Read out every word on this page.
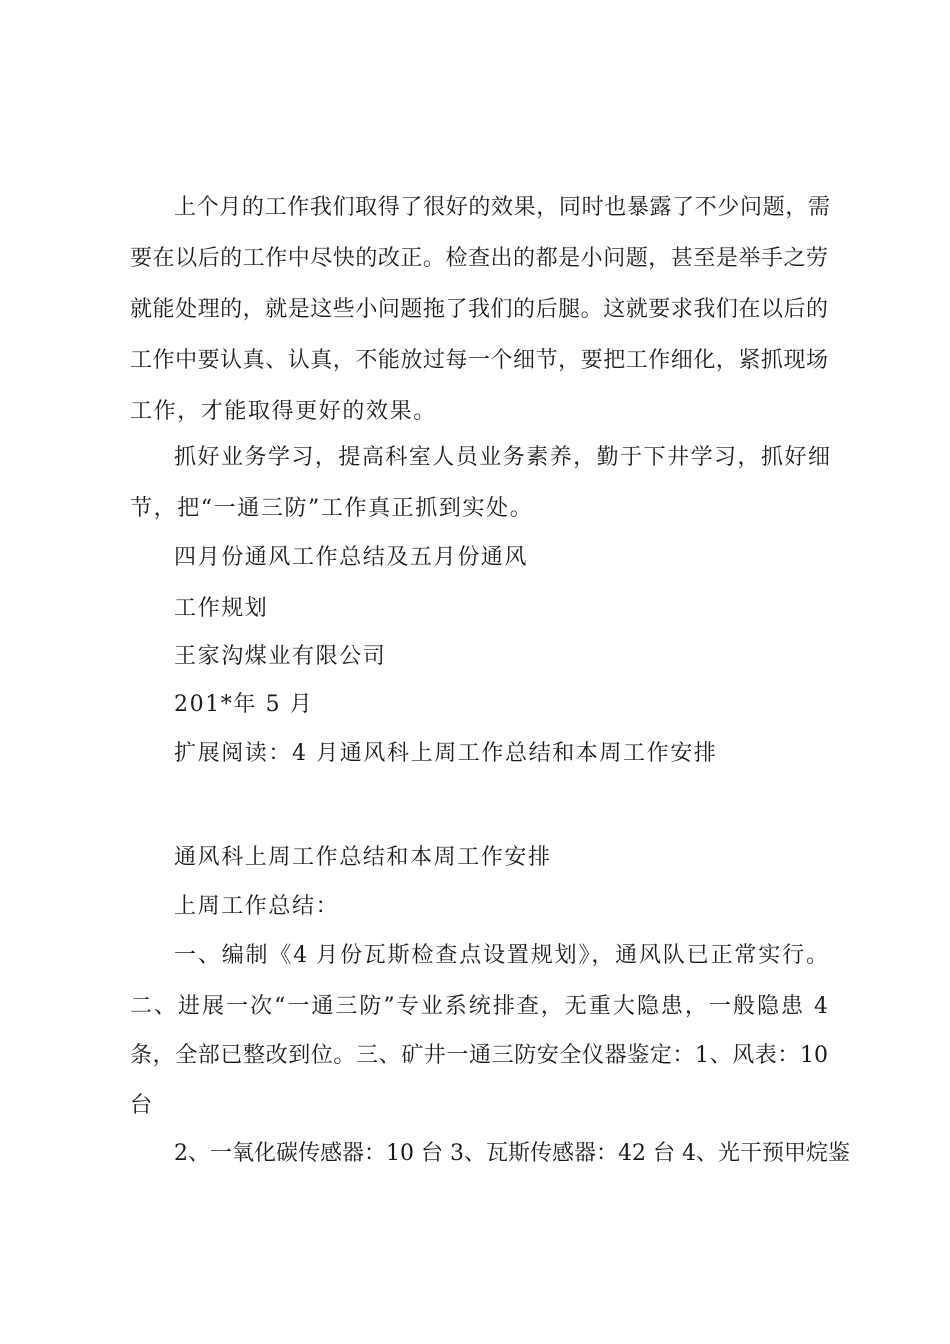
上个月的工作我们取得了很好的效果，同时也暴露了不少问题，需
要在以后的工作中尽快的改正。检查出的都是小问题，甚至是举手之劳
就能处理的，就是这些小问题拖了我们的后腿。这就要求我们在以后的
工作中要认真、认真，不能放过每一个细节，要把工作细化，紧抓现场
工作，才能取得更好的效果。
抓好业务学习，提高科室人员业务素养，勤于下井学习，抓好细
节，把“一通三防”工作真正抓到实处。
四月份通风工作总结及五月份通风
工作规划
王家沟煤业有限公司
201*年 5 月
扩展阅读：4 月通风科上周工作总结和本周工作安排
通风科上周工作总结和本周工作安排
上周工作总结：
一、编制《4 月份瓦斯检查点设置规划》，通风队已正常实行。
二、进展一次“一通三防”专业系统排查，无重大隐患，一般隐患 4
条，全部已整改到位。三、矿井一通三防安全仪器鉴定：1、风表：10
台
2、一氧化碳传感器：10 台 3、瓦斯传感器：42 台 4、光干预甲烷鉴
